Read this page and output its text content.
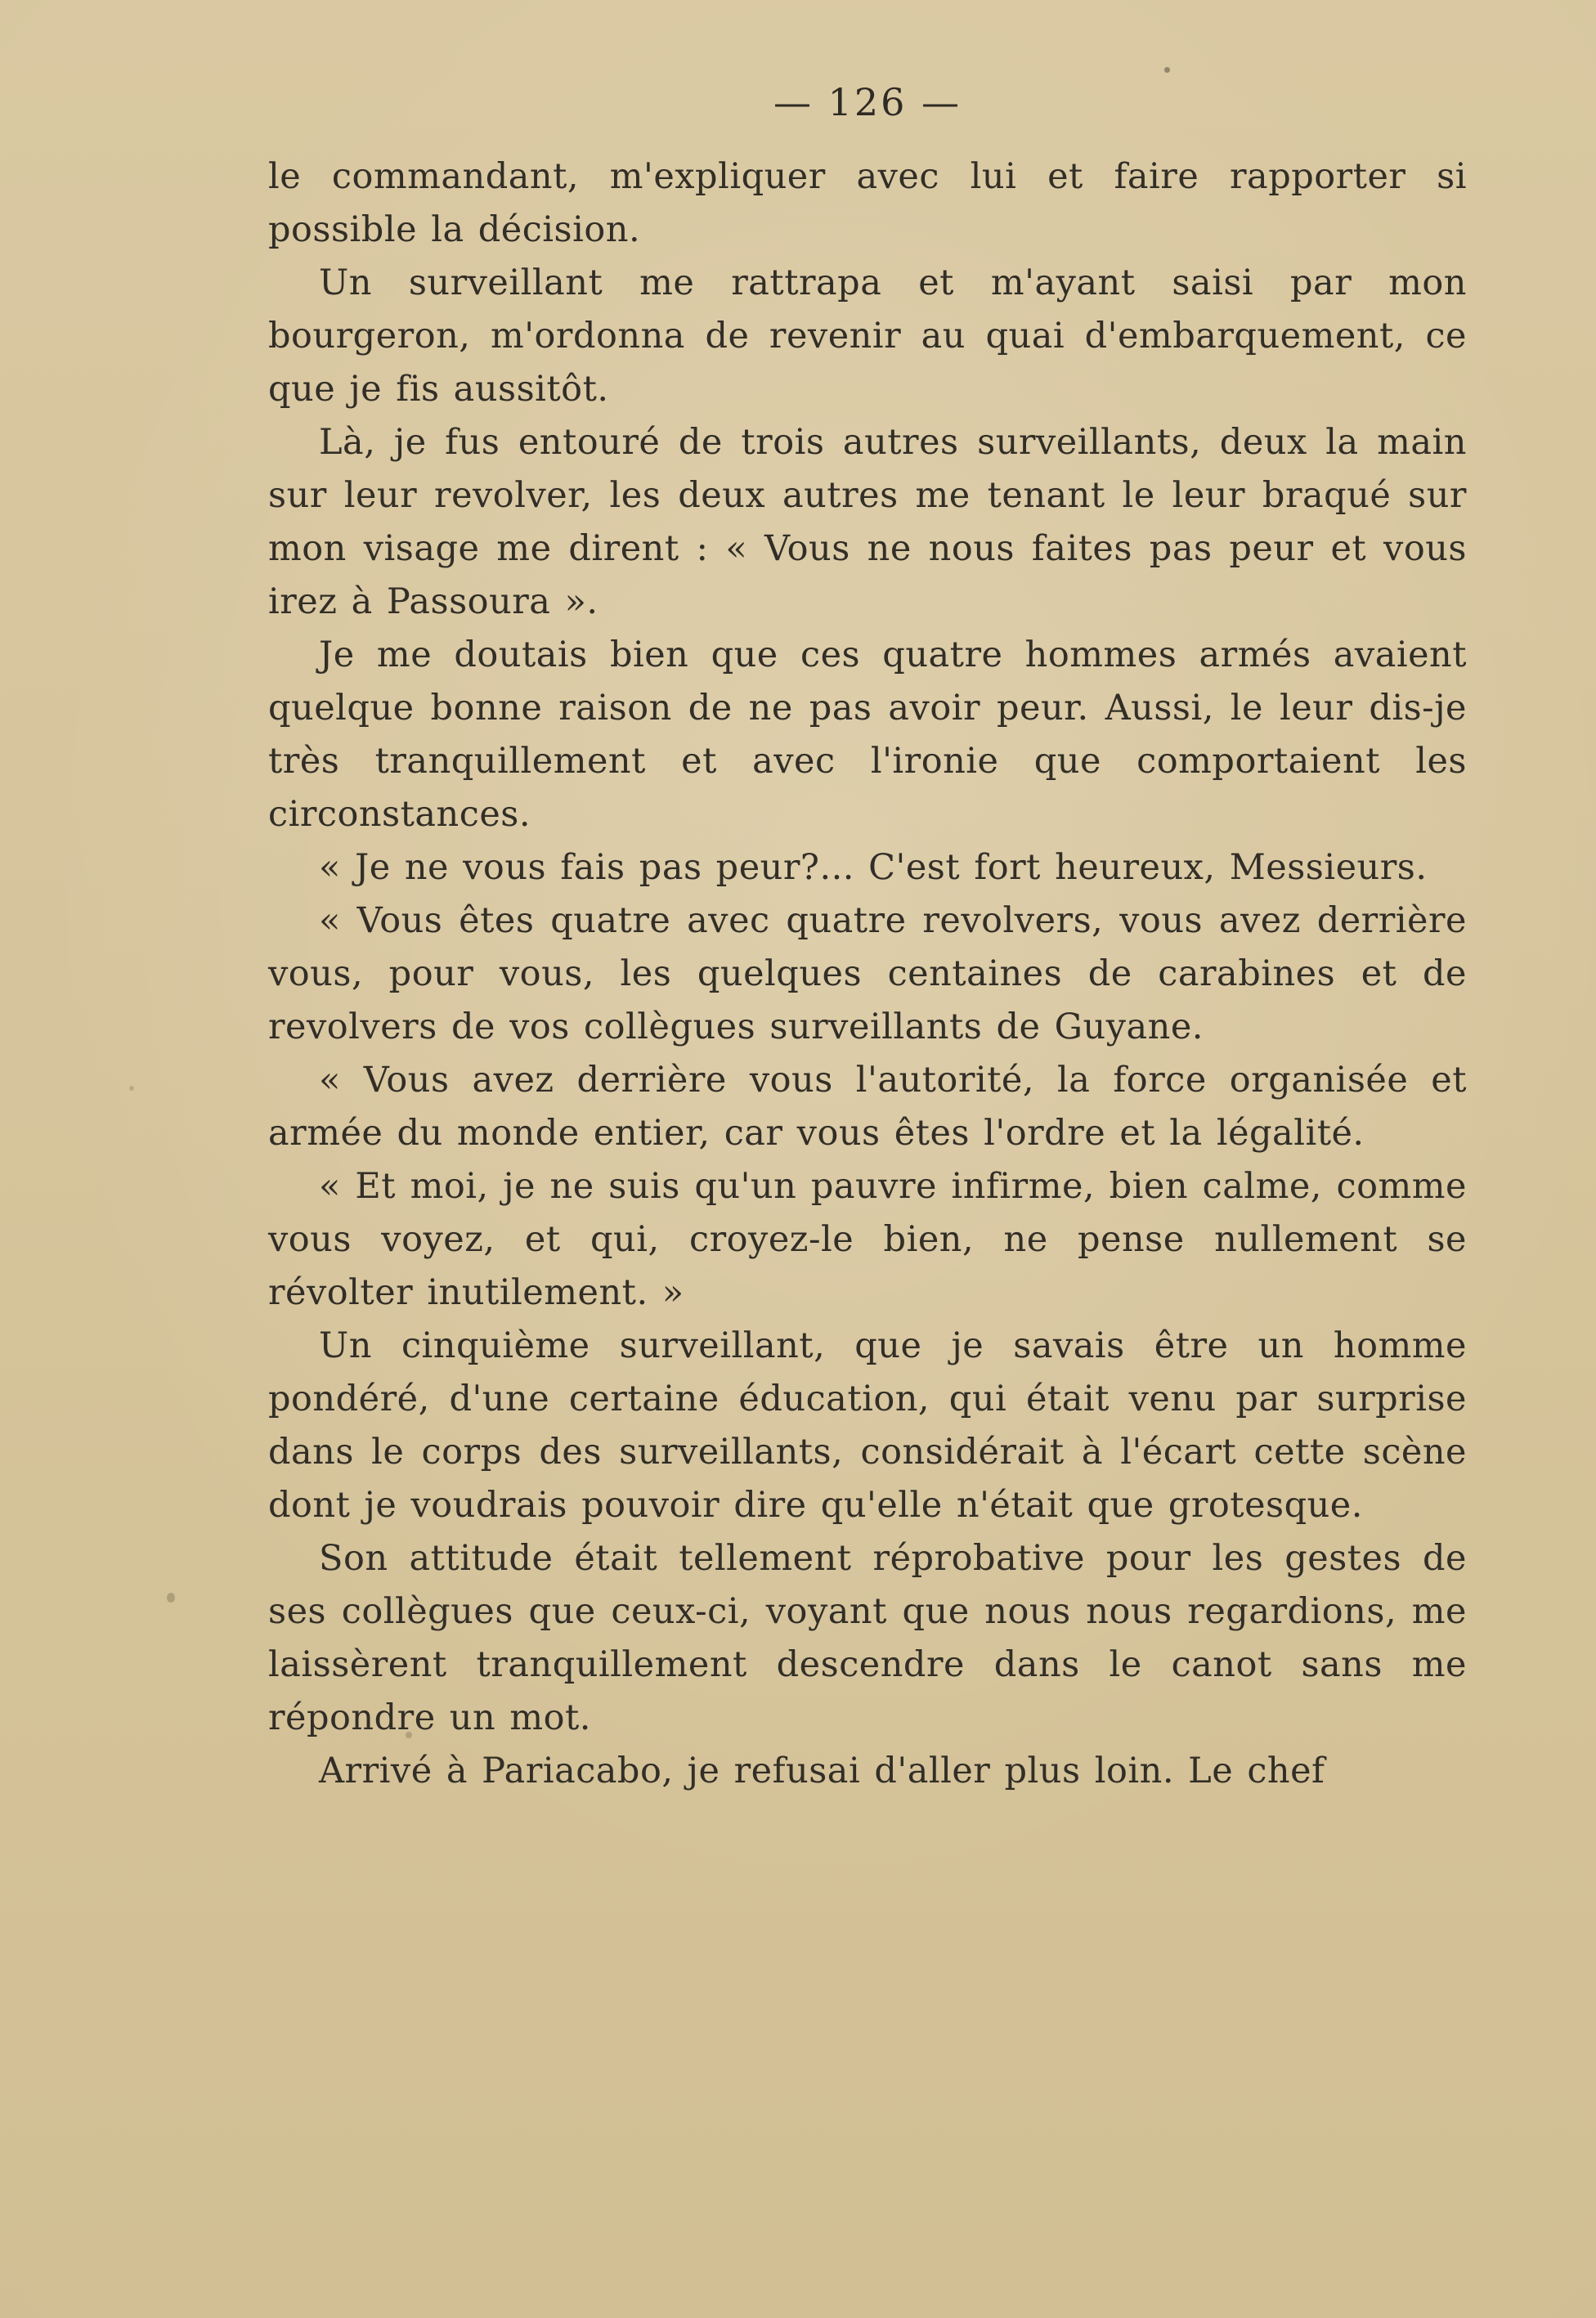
— 126 —

le commandant, m'expliquer avec lui et faire rapporter si possible la décision.

Un surveillant me rattrapa et m'ayant saisi par mon bourgeron, m'ordonna de revenir au quai d'embarquement, ce que je fis aussitôt.

Là, je fus entouré de trois autres surveillants, deux la main sur leur revolver, les deux autres me tenant le leur braqué sur mon visage me dirent : « Vous ne nous faites pas peur et vous irez à Passoura ».

Je me doutais bien que ces quatre hommes armés avaient quelque bonne raison de ne pas avoir peur. Aussi, le leur dis-je très tranquillement et avec l'ironie que comportaient les circonstances.

« Je ne vous fais pas peur?... C'est fort heureux, Messieurs.

« Vous êtes quatre avec quatre revolvers, vous avez derrière vous, pour vous, les quelques centaines de carabines et de revolvers de vos collègues surveillants de Guyane.

« Vous avez derrière vous l'autorité, la force organisée et armée du monde entier, car vous êtes l'ordre et la légalité.

« Et moi, je ne suis qu'un pauvre infirme, bien calme, comme vous voyez, et qui, croyez-le bien, ne pense nullement se révolter inutilement. »

Un cinquième surveillant, que je savais être un homme pondéré, d'une certaine éducation, qui était venu par surprise dans le corps des surveillants, considérait à l'écart cette scène dont je voudrais pouvoir dire qu'elle n'était que grotesque.

Son attitude était tellement réprobative pour les gestes de ses collègues que ceux-ci, voyant que nous nous regardions, me laissèrent tranquillement descendre dans le canot sans me répondre un mot.

Arrivé à Pariacabo, je refusai d'aller plus loin. Le chef
